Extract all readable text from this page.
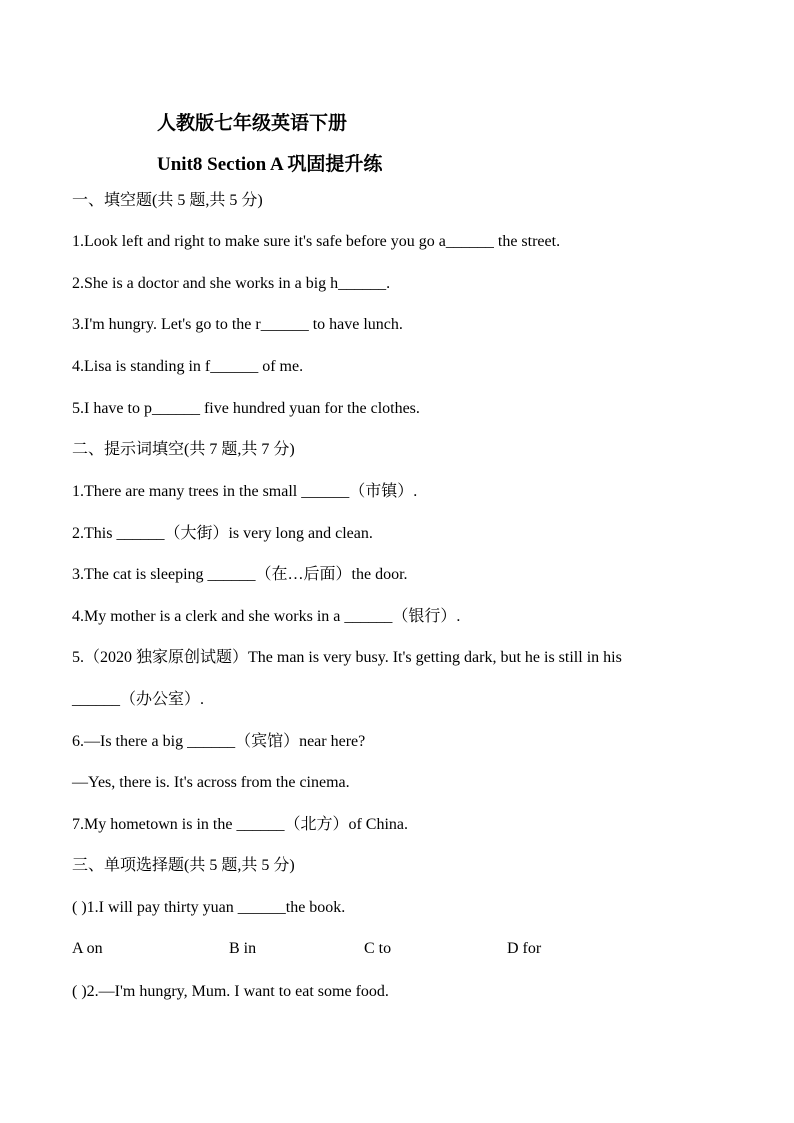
人教版七年级英语下册
Unit8 Section A 巩固提升练
一、填空题(共 5 题,共 5 分)
1.Look left and right to make sure it's safe before you go a______ the street.
2.She is a doctor and she works in a big h______.
3.I'm hungry. Let's go to the r______ to have lunch.
4.Lisa is standing in f______ of me.
5.I have to p______ five hundred yuan for the clothes.
二、提示词填空(共 7 题,共 7 分)
1.There are many trees in the small ______（市镇）.
2.This ______（大街）is very long and clean.
3.The cat is sleeping ______（在…后面）the door.
4.My mother is a clerk and she works in a ______（银行）.
5.（2020 独家原创试题）The man is very busy. It's getting dark, but he is still in his
______（办公室）.
6.—Is there a big ______（宾馆）near here?
—Yes, there is. It's across from the cinema.
7.My hometown is in the ______（北方）of China.
三、单项选择题(共 5 题,共 5 分)
( )1.I will pay thirty yuan ______the book.
A on	B in	C to	D for
( )2.—I'm hungry, Mum. I want to eat some food.
